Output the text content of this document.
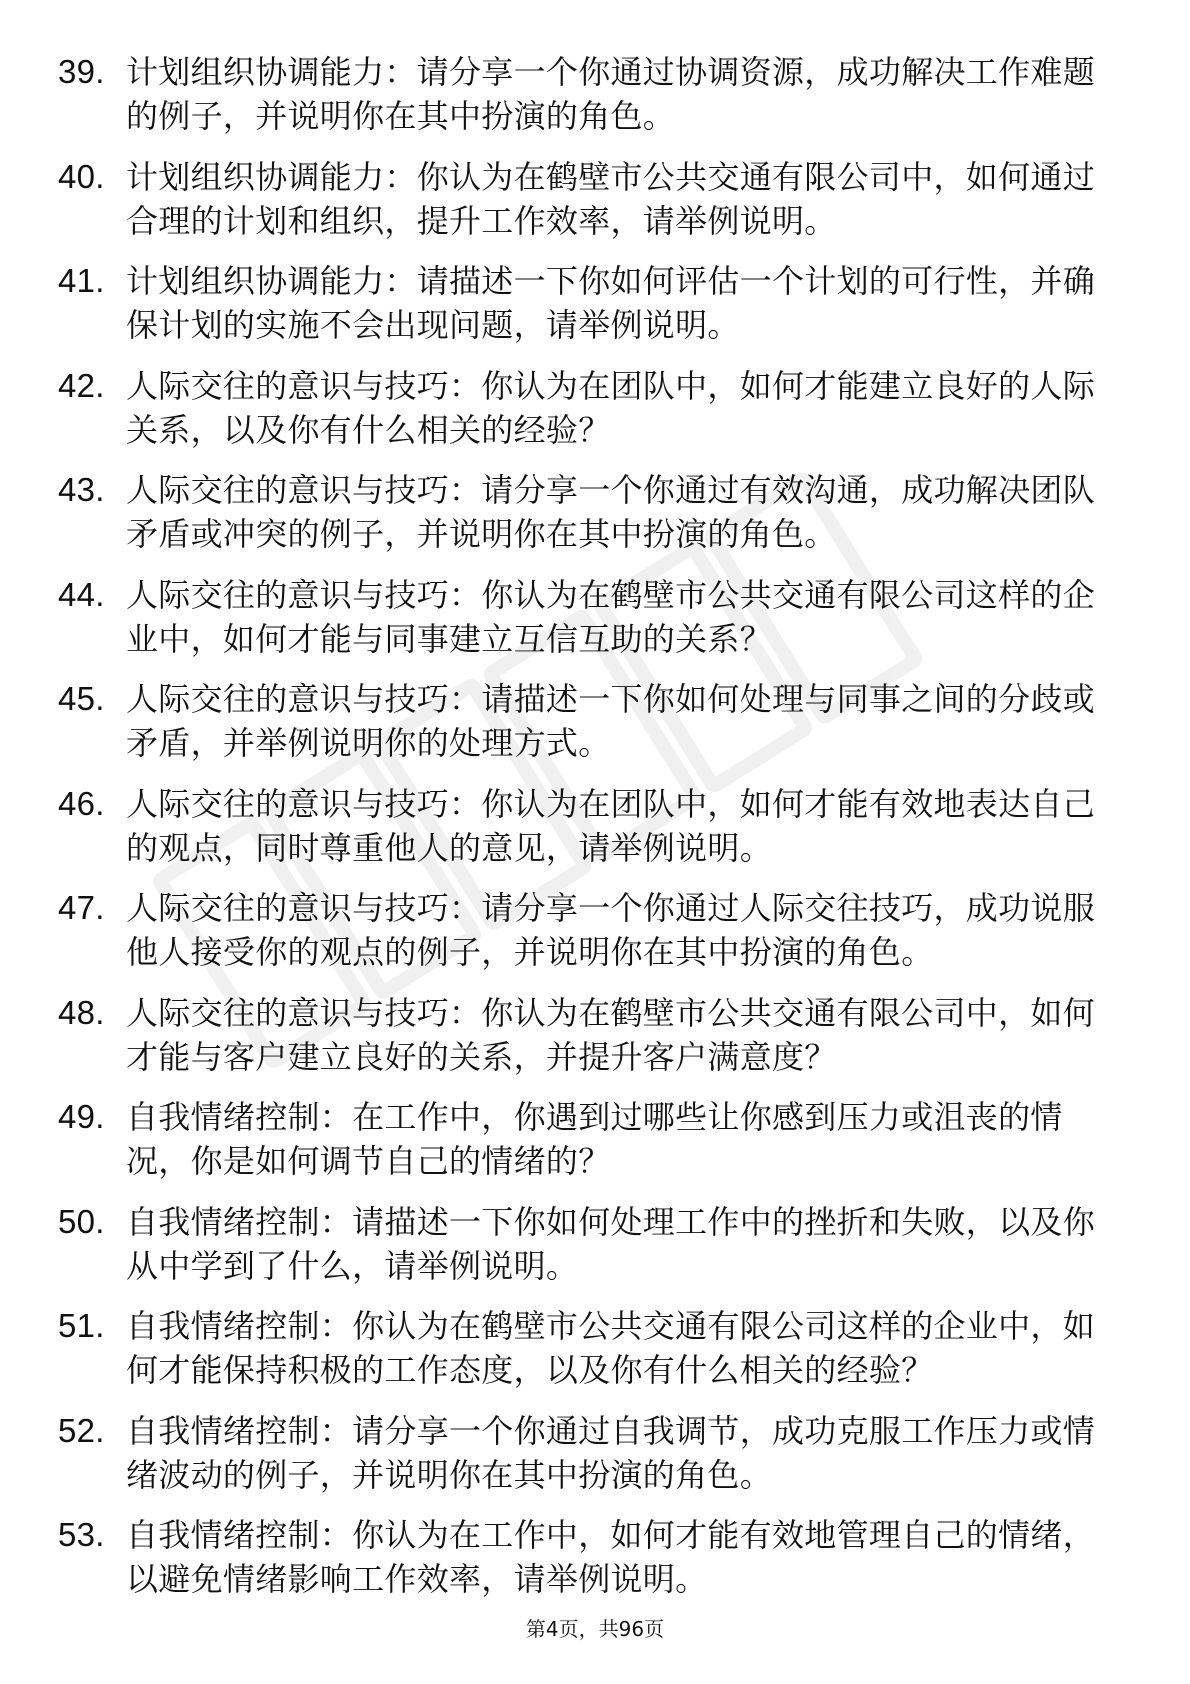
39. 计划组织协调能力：请分享一个你通过协调资源，成功解决工作难题的例子，并说明你在其中扮演的角色。
40. 计划组织协调能力：你认为在鹤壁市公共交通有限公司中，如何通过合理的计划和组织，提升工作效率，请举例说明。
41. 计划组织协调能力：请描述一下你如何评估一个计划的可行性，并确保计划的实施不会出现问题，请举例说明。
42. 人际交往的意识与技巧：你认为在团队中，如何才能建立良好的人际关系，以及你有什么相关的经验？
43. 人际交往的意识与技巧：请分享一个你通过有效沟通，成功解决团队矛盾或冲突的例子，并说明你在其中扮演的角色。
44. 人际交往的意识与技巧：你认为在鹤壁市公共交通有限公司这样的企业中，如何才能与同事建立互信互助的关系？
45. 人际交往的意识与技巧：请描述一下你如何处理与同事之间的分歧或矛盾，并举例说明你的处理方式。
46. 人际交往的意识与技巧：你认为在团队中，如何才能有效地表达自己的观点，同时尊重他人的意见，请举例说明。
47. 人际交往的意识与技巧：请分享一个你通过人际交往技巧，成功说服他人接受你的观点的例子，并说明你在其中扮演的角色。
48. 人际交往的意识与技巧：你认为在鹤壁市公共交通有限公司中，如何才能与客户建立良好的关系，并提升客户满意度？
49. 自我情绪控制：在工作中，你遇到过哪些让你感到压力或沮丧的情况，你是如何调节自己的情绪的？
50. 自我情绪控制：请描述一下你如何处理工作中的挫折和失败，以及你从中学到了什么，请举例说明。
51. 自我情绪控制：你认为在鹤壁市公共交通有限公司这样的企业中，如何才能保持积极的工作态度，以及你有什么相关的经验？
52. 自我情绪控制：请分享一个你通过自我调节，成功克服工作压力或情绪波动的例子，并说明你在其中扮演的角色。
53. 自我情绪控制：你认为在工作中，如何才能有效地管理自己的情绪，以避免情绪影响工作效率，请举例说明。
第4页，共96页
